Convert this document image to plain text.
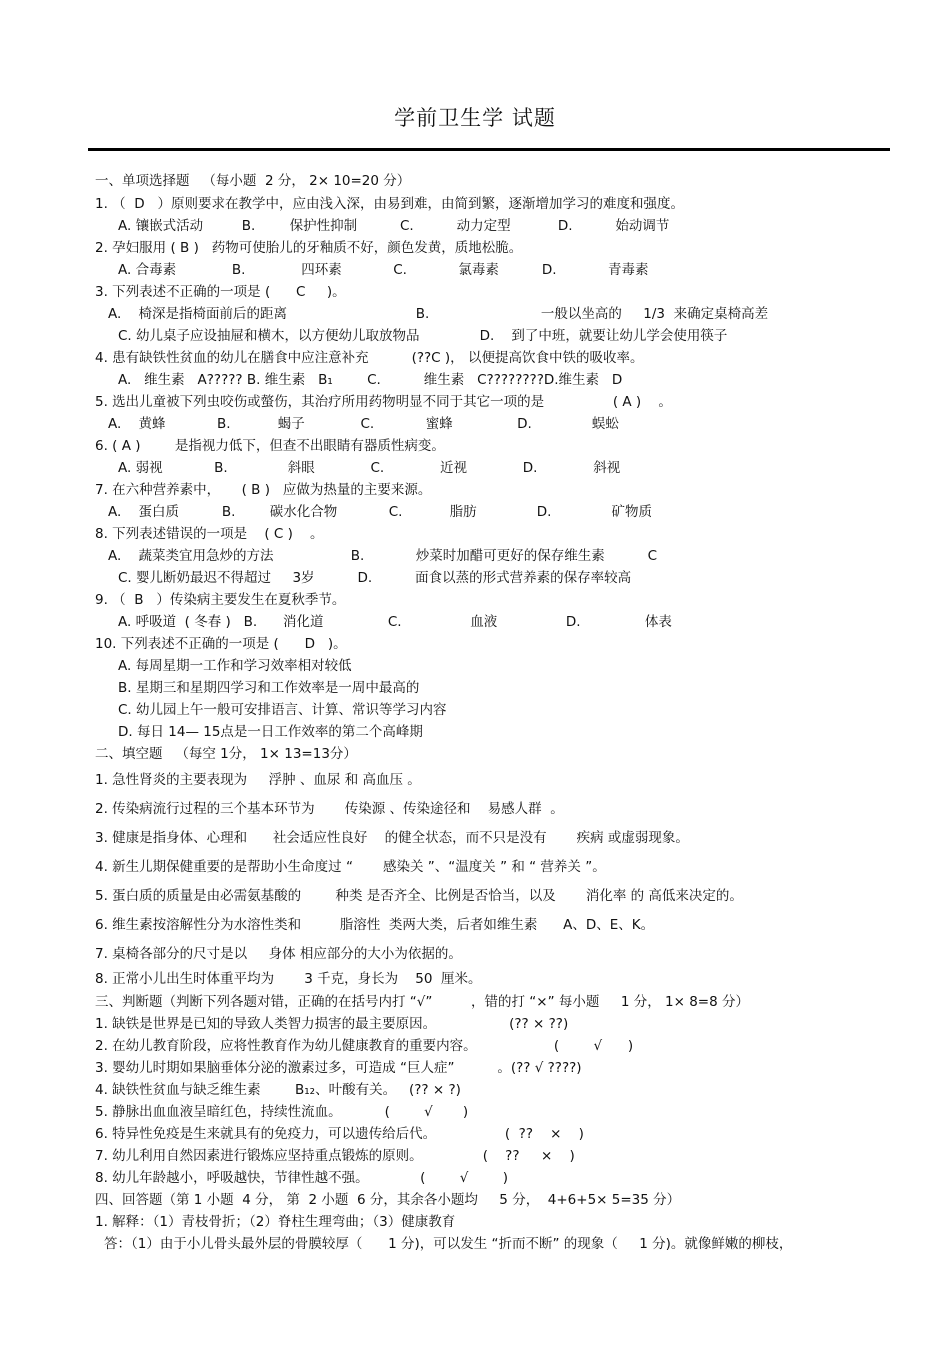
学前卫生学 试题
一、单项选择题   （每小题  2 分， 2× 10=20 分）
1. （  D   ）原则要求在教学中，应由浅入深，由易到难，由简到繁，逐渐增加学习的难度和强度。
A. 镶嵌式活动         B.        保护性抑制          C.          动力定型           D.          始动调节
2. 孕妇服用 ( B )   药物可使胎儿的牙釉质不好，颜色发黄，质地松脆。
A. 合毒素             B.             四环素            C.            氯毒素          D.            青毒素
3. 下列表述不正确的一项是 (      C     )。
A.    椅深是指椅面前后的距离                              B.                          一般以坐高的     1/3  来确定桌椅高差
C. 幼儿桌子应设抽屉和横木，以方便幼儿取放物品              D.    到了中班，就要让幼儿学会使用筷子
4. 患有缺铁性贫血的幼儿在膳食中应注意补充          (??C )， 以便提高饮食中铁的吸收率。
A.   维生素   A????? B. 维生素   B₁        C.          维生素   C????????D.维生素   D
5. 选出儿童被下列虫咬伤或螫伤，其治疗所用药物明显不同于其它一项的是                ( A )    。
A.    黄蜂            B.           蝎子             C.            蜜蜂               D.              蜈蚣
6. ( A )        是指视力低下，但查不出眼睛有器质性病变。
A. 弱视            B.              斜眼             C.             近视             D.             斜视
7. 在六种营养素中，     ( B )   应做为热量的主要来源。
A.    蛋白质          B.        碳水化合物            C.           脂肪              D.              矿物质
8. 下列表述错误的一项是    ( C )    。
A.    蔬菜类宜用急炒的方法                  B.            炒菜时加醋可更好的保存维生素          C
C. 婴儿断奶最迟不得超过     3岁          D.          面食以蒸的形式营养素的保存率较高
9. （  B   ）传染病主要发生在夏秋季节。
A. 呼吸道  ( 冬春 )   B.      消化道               C.                血液                D.               体表
10. 下列表述不正确的一项是 (      D   )。
A. 每周星期一工作和学习效率相对较低
B. 星期三和星期四学习和工作效率是一周中最高的
C. 幼儿园上午一般可安排语言、计算、常识等学习内容
D. 每日 14— 15点是一日工作效率的第二个高峰期
二、填空题   （每空 1分， 1× 13=13分）
1. 急性肾炎的主要表现为     浮肿 、血尿 和 高血压 。
2. 传染病流行过程的三个基本环节为       传染源 、传染途径和    易感人群  。
3. 健康是指身体、心理和      社会适应性良好    的健全状态，而不只是没有       疾病 或虚弱现象。
4. 新生儿期保健重要的是帮助小生命度过 “       感染关 ”、“温度关 ” 和 “ 营养关 ”。
5. 蛋白质的质量是由必需氨基酸的        种类 是否齐全、比例是否恰当，以及       消化率 的 高低来决定的。
6. 维生素按溶解性分为水溶性类和         脂溶性  类两大类，后者如维生素      A、D、E、K。
7. 桌椅各部分的尺寸是以     身体 相应部分的大小为依据的。
8. 正常小儿出生时体重平均为       3 千克，身长为    50  厘米。
三、判断题（判断下列各题对错，正确的在括号内打 “√”         ，错的打 “×” 每小题     1 分， 1× 8=8 分）
1. 缺铁是世界是已知的导致人类智力损害的最主要原因。                 (?? × ??)
2. 在幼儿教育阶段，应将性教育作为幼儿健康教育的重要内容。                  (        √      )
3. 婴幼儿时期如果脑垂体分泌的激素过多，可造成 “巨人症”          。(?? √ ????)
4. 缺铁性贫血与缺乏维生素        B₁₂、叶酸有关。   (?? × ?)
5. 静脉出血血液呈暗红色，持续性流血。          (        √       )
6. 特异性免疫是生来就具有的免疫力，可以遗传给后代。                (  ??    ×    )
7. 幼儿利用自然因素进行锻炼应坚持重点锻炼的原则。              (    ??     ×    )
8. 幼儿年龄越小，呼吸越快，节律性越不强。            (        √        )
四、回答题（第 1 小题  4 分， 第  2 小题  6 分，其余各小题均     5 分，  4+6+5× 5=35 分）
1. 解释：（1）青枝骨折；（2）脊柱生理弯曲；（3）健康教育
答：（1）由于小儿骨头最外层的骨膜较厚（      1 分)，可以发生 “折而不断” 的现象（     1 分)。就像鲜嫩的柳枝，
